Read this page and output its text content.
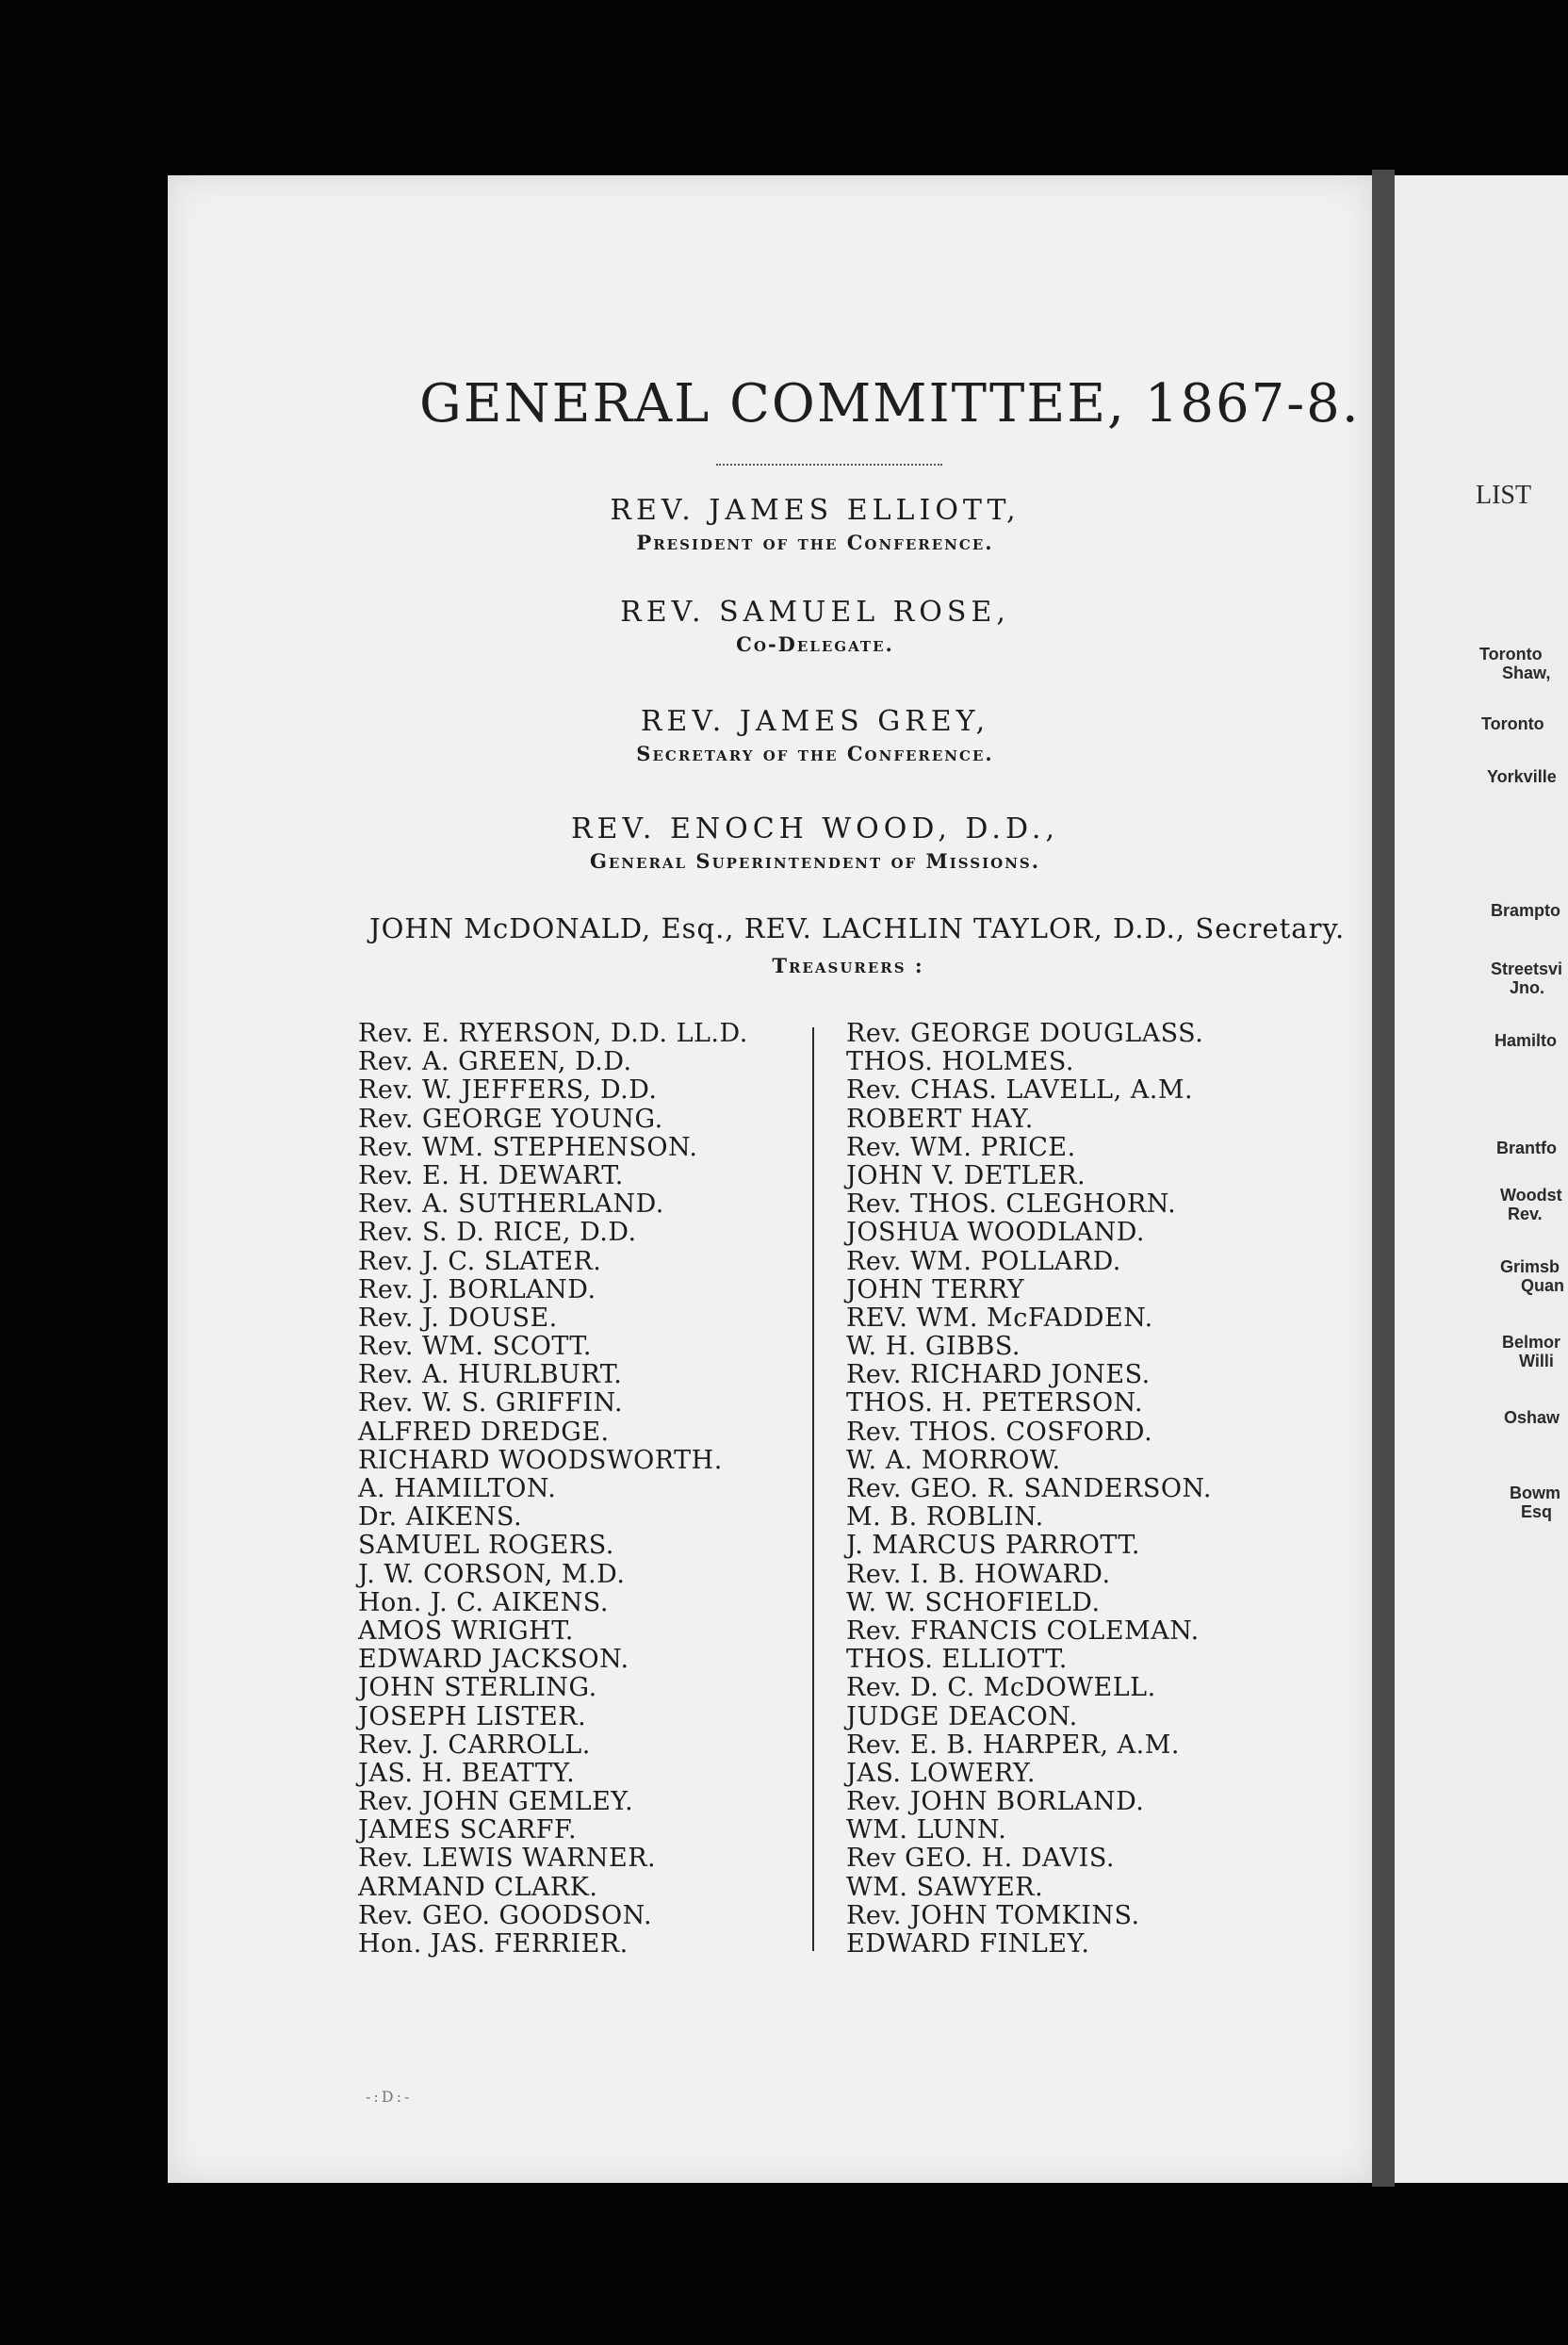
LIST
Toronto
Shaw,
Toronto
Yorkville
Brampto
Streetsvi
Jno.
Hamilto
Brantfo
Woodst
Rev.
Grimsb
Quan
Belmor
Willi
Oshaw
Bowm
Esq
GENERAL COMMITTEE, 1867-8.
REV. JAMES ELLIOTT,
President of the Conference.
REV. SAMUEL ROSE,
Co-Delegate.
REV. JAMES GREY,
Secretary of the Conference.
REV. ENOCH WOOD, D.D.,
General Superintendent of Missions.
JOHN McDONALD, Esq., REV. LACHLIN TAYLOR, D.D., Secretary.
Treasurers :
Rev. E. RYERSON, D.D. LL.D.
Rev. A. GREEN, D.D.
Rev. W. JEFFERS, D.D.
Rev. GEORGE YOUNG.
Rev. WM. STEPHENSON.
Rev. E. H. DEWART.
Rev. A. SUTHERLAND.
Rev. S. D. RICE, D.D.
Rev. J. C. SLATER.
Rev. J. BORLAND.
Rev. J. DOUSE.
Rev. WM. SCOTT.
Rev. A. HURLBURT.
Rev. W. S. GRIFFIN.
ALFRED DREDGE.
RICHARD WOODSWORTH.
A. HAMILTON.
Dr. AIKENS.
SAMUEL ROGERS.
J. W. CORSON, M.D.
Hon. J. C. AIKENS.
AMOS WRIGHT.
EDWARD JACKSON.
JOHN STERLING.
JOSEPH LISTER.
Rev. J. CARROLL.
JAS. H. BEATTY.
Rev. JOHN GEMLEY.
JAMES SCARFF.
Rev. LEWIS WARNER.
ARMAND CLARK.
Rev. GEO. GOODSON.
Hon. JAS. FERRIER.
Rev. GEORGE DOUGLASS.
THOS. HOLMES.
Rev. CHAS. LAVELL, A.M.
ROBERT HAY.
Rev. WM. PRICE.
JOHN V. DETLER.
Rev. THOS. CLEGHORN.
JOSHUA WOODLAND.
Rev. WM. POLLARD.
JOHN TERRY
REV. WM. McFADDEN.
W. H. GIBBS.
Rev. RICHARD JONES.
THOS. H. PETERSON.
Rev. THOS. COSFORD.
W. A. MORROW.
Rev. GEO. R. SANDERSON.
M. B. ROBLIN.
J. MARCUS PARROTT.
Rev. I. B. HOWARD.
W. W. SCHOFIELD.
Rev. FRANCIS COLEMAN.
THOS. ELLIOTT.
Rev. D. C. McDOWELL.
JUDGE DEACON.
Rev. E. B. HARPER, A.M.
JAS. LOWERY.
Rev. JOHN BORLAND.
WM. LUNN.
Rev GEO. H. DAVIS.
WM. SAWYER.
Rev. JOHN TOMKINS.
EDWARD FINLEY.
-:D:-
